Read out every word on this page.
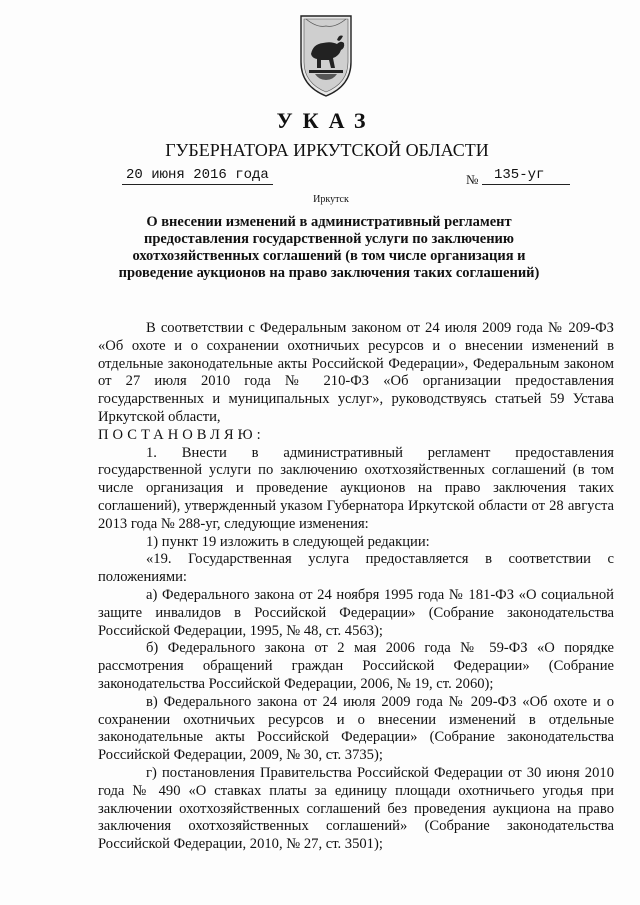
УКАЗ
ГУБЕРНАТОРА ИРКУТСКОЙ ОБЛАСТИ
20 июня 2016 года	№	135-уг
Иркутск
О внесении изменений в административный регламент предоставления государственной услуги по заключению охотхозяйственных соглашений (в том числе организация и проведение аукционов на право заключения таких соглашений)

В соответствии с Федеральным законом от 24 июля 2009 года № 209-ФЗ «Об охоте и о сохранении охотничьих ресурсов и о внесении изменений в отдельные законодательные акты Российской Федерации», Федеральным законом от 27 июля 2010 года № 210-ФЗ «Об организации предоставления государственных и муниципальных услуг», руководствуясь статьей 59 Устава Иркутской области,

ПОСТАНОВЛЯЮ:

1. Внести в административный регламент предоставления государственной услуги по заключению охотхозяйственных соглашений (в том числе организация и проведение аукционов на право заключения таких соглашений), утвержденный указом Губернатора Иркутской области от 28 августа 2013 года № 288-уг, следующие изменения:

1) пункт 19 изложить в следующей редакции:

«19. Государственная услуга предоставляется в соответствии с положениями:

а) Федерального закона от 24 ноября 1995 года № 181-ФЗ «О социальной защите инвалидов в Российской Федерации» (Собрание законодательства Российской Федерации, 1995, № 48, ст. 4563);

б) Федерального закона от 2 мая 2006 года № 59-ФЗ «О порядке рассмотрения обращений граждан Российской Федерации» (Собрание законодательства Российской Федерации, 2006, № 19, ст. 2060);

в) Федерального закона от 24 июля 2009 года № 209-ФЗ «Об охоте и о сохранении охотничьих ресурсов и о внесении изменений в отдельные законодательные акты Российской Федерации» (Собрание законодательства Российской Федерации, 2009, № 30, ст. 3735);

г) постановления Правительства Российской Федерации от 30 июня 2010 года № 490 «О ставках платы за единицу площади охотничьего угодья при заключении охотхозяйственных соглашений без проведения аукциона на право заключения охотхозяйственных соглашений» (Собрание законодательства Российской Федерации, 2010, № 27, ст. 3501);
